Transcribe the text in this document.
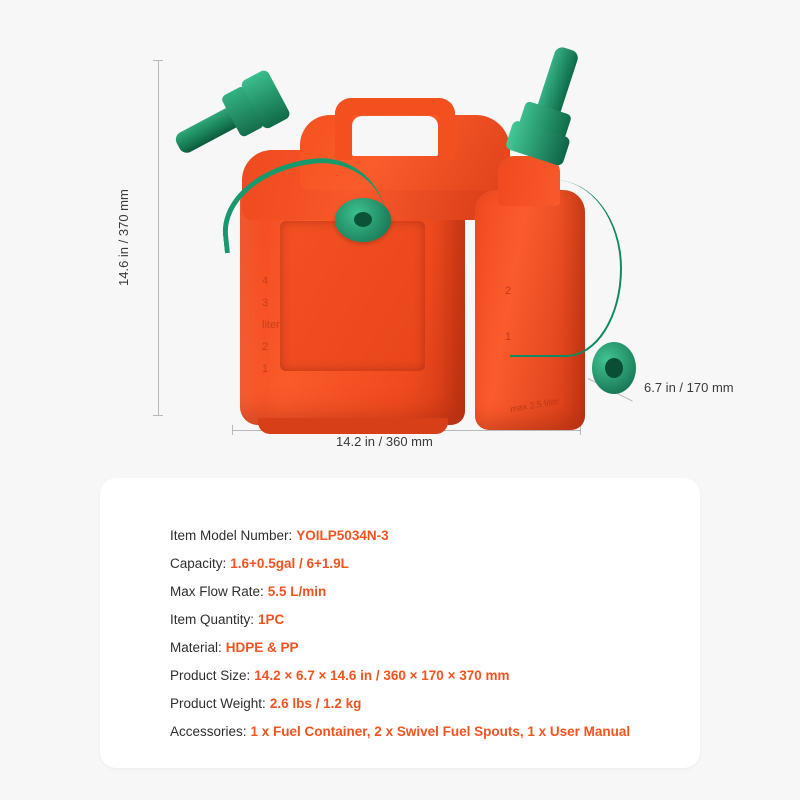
14.6 in / 370 mm
14.2 in / 360 mm
6.7 in / 170 mm
4
3
liter
2
1
2
1
max 2.5 liter
Item Model Number: YOILP5034N-3
Capacity: 1.6+0.5gal / 6+1.9L
Max Flow Rate: 5.5 L/min
Item Quantity: 1PC
Material: HDPE & PP
Product Size: 14.2 × 6.7 × 14.6 in / 360 × 170 × 370 mm
Product Weight: 2.6 lbs / 1.2 kg
Accessories: 1 x Fuel Container, 2 x Swivel Fuel Spouts, 1 x User Manual
